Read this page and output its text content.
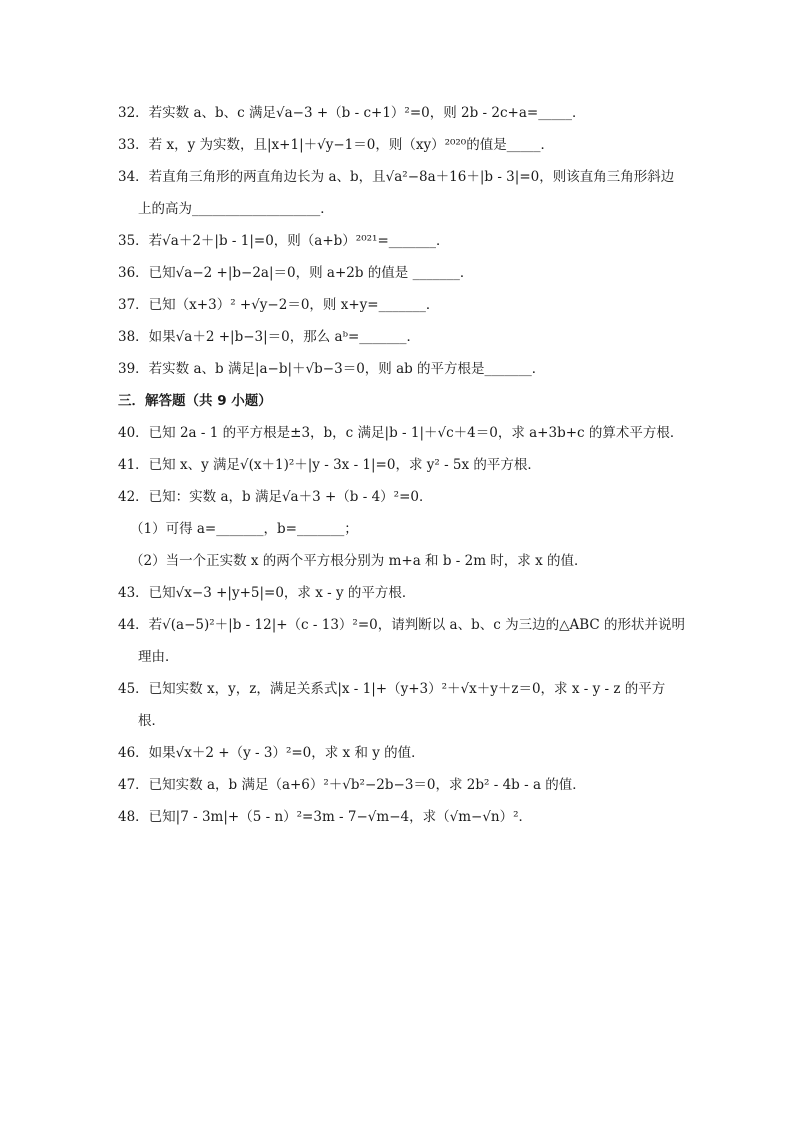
32．若实数 a、b、c 满足√a−3 +（b - c+1）²=0，则 2b - 2c+a=_____．
33．若 x，y 为实数，且|x+1|＋√y−1＝0，则（xy）²⁰²⁰的值是_____．
34．若直角三角形的两直角边长为 a、b，且√a²−8a＋16＋|b - 3|=0，则该直角三角形斜边
上的高为___________________．
35．若√a＋2＋|b - 1|=0，则（a+b）²⁰²¹=_______．
36．已知√a−2 +|b−2a|＝0，则 a+2b 的值是 _______．
37．已知（x+3）² +√y−2＝0，则 x+y=_______．
38．如果√a＋2 +|b−3|＝0，那么 aᵇ=_______．
39．若实数 a、b 满足|a−b|＋√b−3＝0，则 ab 的平方根是_______．
三．解答题（共 9 小题）
40．已知 2a - 1 的平方根是±3，b，c 满足|b - 1|＋√c＋4＝0，求 a+3b+c 的算术平方根．
41．已知 x、y 满足√(x＋1)²＋|y - 3x - 1|=0，求 y² - 5x 的平方根．
42．已知：实数 a，b 满足√a＋3 +（b - 4）²=0．
（1）可得 a=_______，b=_______；
（2）当一个正实数 x 的两个平方根分别为 m+a 和 b - 2m 时，求 x 的值．
43．已知√x−3 +|y+5|=0，求 x - y 的平方根．
44．若√(a−5)²＋|b - 12|+（c - 13）²=0，请判断以 a、b、c 为三边的△ABC 的形状并说明
理由．
45．已知实数 x，y，z，满足关系式|x - 1|+（y+3）²＋√x＋y＋z＝0，求 x - y - z 的平方
根．
46．如果√x＋2 +（y - 3）²=0，求 x 和 y 的值．
47．已知实数 a，b 满足（a+6）²＋√b²−2b−3＝0，求 2b² - 4b - a 的值．
48．已知|7 - 3m|+（5 - n）²=3m - 7−√m−4，求（√m−√n）²．
